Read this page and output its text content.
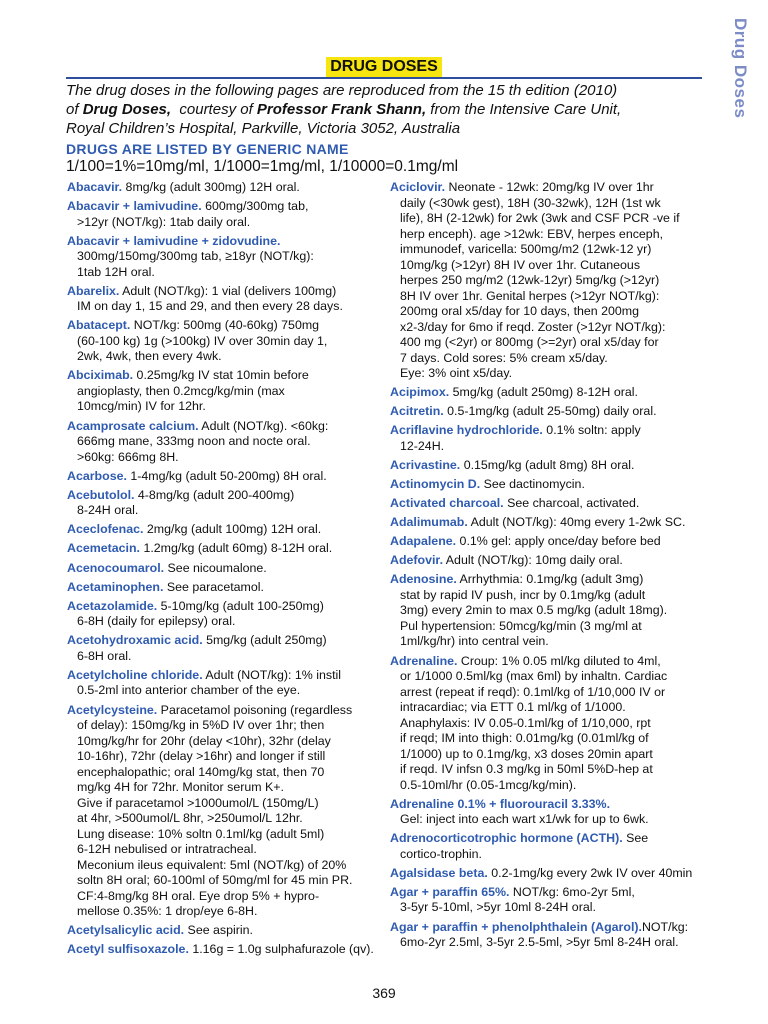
Drug Doses
DRUG DOSES
The drug doses in the following pages are reproduced from the 15 th edition (2010)
of Drug Doses,  courtesy of Professor Frank Shann, from the Intensive Care Unit,
Royal Children’s Hospital, Parkville, Victoria 3052, Australia
DRUGS ARE LISTED BY GENERIC NAME
1/100=1%=10mg/ml, 1/1000=1mg/ml, 1/10000=0.1mg/ml
Abacavir. 8mg/kg (adult 300mg) 12H oral.
Abacavir + lamivudine. 600mg/300mg tab,
>12yr (NOT/kg): 1tab daily oral.
Abacavir + lamivudine + zidovudine.
300mg/150mg/300mg tab, ≥18yr (NOT/kg):
1tab 12H oral.
Abarelix. Adult (NOT/kg): 1 vial (delivers 100mg)
IM on day 1, 15 and 29, and then every 28 days.
Abatacept. NOT/kg: 500mg (40-60kg) 750mg
(60-100 kg) 1g (>100kg) IV over 30min day 1,
2wk, 4wk, then every 4wk.
Abciximab. 0.25mg/kg IV stat 10min before
angioplasty, then 0.2mcg/kg/min (max
10mcg/min) IV for 12hr.
Acamprosate calcium. Adult (NOT/kg). <60kg:
666mg mane, 333mg noon and nocte oral.
>60kg: 666mg 8H.
Acarbose. 1-4mg/kg (adult 50-200mg) 8H oral.
Acebutolol. 4-8mg/kg (adult 200-400mg)
8-24H oral.
Aceclofenac. 2mg/kg (adult 100mg) 12H oral.
Acemetacin. 1.2mg/kg (adult 60mg) 8-12H oral.
Acenocoumarol. See nicoumalone.
Acetaminophen. See paracetamol.
Acetazolamide. 5-10mg/kg (adult 100-250mg)
6-8H (daily for epilepsy) oral.
Acetohydroxamic acid. 5mg/kg (adult 250mg)
6-8H oral.
Acetylcholine chloride. Adult (NOT/kg): 1% instil
0.5-2ml into anterior chamber of the eye.
Acetylcysteine. Paracetamol poisoning (regardless
of delay): 150mg/kg in 5%D IV over 1hr; then
10mg/kg/hr for 20hr (delay <10hr), 32hr (delay
10-16hr), 72hr (delay >16hr) and longer if still
encephalopathic; oral 140mg/kg stat, then 70
mg/kg 4H for 72hr. Monitor serum K+.
Give if paracetamol >1000umol/L (150mg/L)
at 4hr, >500umol/L 8hr, >250umol/L 12hr.
Lung disease: 10% soltn 0.1ml/kg (adult 5ml)
6-12H nebulised or intratracheal.
Meconium ileus equivalent: 5ml (NOT/kg) of 20%
soltn 8H oral; 60-100ml of 50mg/ml for 45 min PR.
CF:4-8mg/kg 8H oral. Eye drop 5% + hypro-
mellose 0.35%: 1 drop/eye 6-8H.
Acetylsalicylic acid. See aspirin.
Acetyl sulfisoxazole. 1.16g = 1.0g sulphafurazole (qv).
Aciclovir. Neonate - 12wk: 20mg/kg IV over 1hr
daily (<30wk gest), 18H (30-32wk), 12H (1st wk
life), 8H (2-12wk) for 2wk (3wk and CSF PCR -ve if
herp enceph). age >12wk: EBV, herpes enceph,
immunodef, varicella: 500mg/m2 (12wk-12 yr)
10mg/kg (>12yr) 8H IV over 1hr. Cutaneous
herpes 250 mg/m2 (12wk-12yr) 5mg/kg (>12yr)
8H IV over 1hr. Genital herpes (>12yr NOT/kg):
200mg oral x5/day for 10 days, then 200mg
x2-3/day for 6mo if reqd. Zoster (>12yr NOT/kg):
400 mg (<2yr) or 800mg (>=2yr) oral x5/day for
7 days. Cold sores: 5% cream x5/day.
Eye: 3% oint x5/day.
Acipimox. 5mg/kg (adult 250mg) 8-12H oral.
Acitretin. 0.5-1mg/kg (adult 25-50mg) daily oral.
Acriflavine hydrochloride. 0.1% soltn: apply
12-24H.
Acrivastine. 0.15mg/kg (adult 8mg) 8H oral.
Actinomycin D. See dactinomycin.
Activated charcoal. See charcoal, activated.
Adalimumab. Adult (NOT/kg): 40mg every 1-2wk SC.
Adapalene. 0.1% gel: apply once/day before bed
Adefovir. Adult (NOT/kg): 10mg daily oral.
Adenosine. Arrhythmia: 0.1mg/kg (adult 3mg)
stat by rapid IV push, incr by 0.1mg/kg (adult
3mg) every 2min to max 0.5 mg/kg (adult 18mg).
Pul hypertension: 50mcg/kg/min (3 mg/ml at
1ml/kg/hr) into central vein.
Adrenaline. Croup: 1% 0.05 ml/kg diluted to 4ml,
or 1/1000 0.5ml/kg (max 6ml) by inhaltn. Cardiac
arrest (repeat if reqd): 0.1ml/kg of 1/10,000 IV or
intracardiac; via ETT 0.1 ml/kg of 1/1000.
Anaphylaxis: IV 0.05-0.1ml/kg of 1/10,000, rpt
if reqd; IM into thigh: 0.01mg/kg (0.01ml/kg of
1/1000) up to 0.1mg/kg, x3 doses 20min apart
if reqd. IV infsn 0.3 mg/kg in 50ml 5%D-hep at
0.5-10ml/hr (0.05-1mcg/kg/min).
Adrenaline 0.1% + fluorouracil 3.33%.
Gel: inject into each wart x1/wk for up to 6wk.
Adrenocorticotrophic hormone (ACTH). See
cortico-trophin.
Agalsidase beta. 0.2-1mg/kg every 2wk IV over 40min
Agar + paraffin 65%. NOT/kg: 6mo-2yr 5ml,
3-5yr 5-10ml, >5yr 10ml 8-24H oral.
Agar + paraffin + phenolphthalein (Agarol).NOT/kg:
6mo-2yr 2.5ml, 3-5yr 2.5-5ml, >5yr 5ml 8-24H oral.
369
